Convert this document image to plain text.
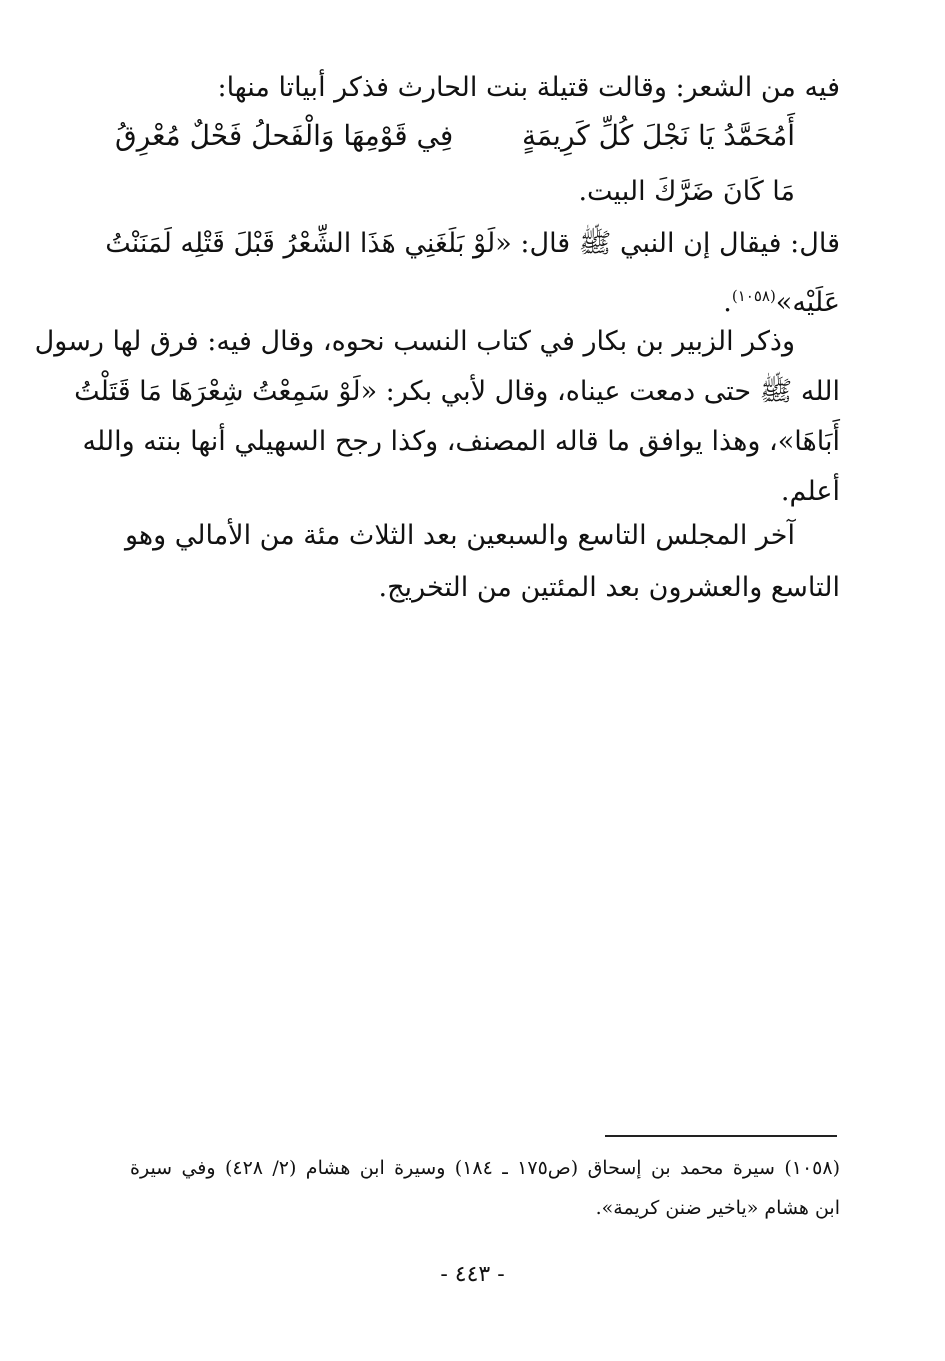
فيه من الشعر: وقالت قتيلة بنت الحارث فذكر أبياتا منها:
أَمُحَمَّدُ يَا نَجْلَ كُلِّ كَرِيمَةٍ
فِي قَوْمِهَا وَالْفَحلُ فَحْلٌ مُعْرِقُ
مَا كَانَ ضَرَّكَ البيت.
قال: فيقال إن النبي ﷺ قال: «لَوْ بَلَغَنِي هَذَا الشِّعْرُ قَبْلَ قَتْلِه لَمَنَنْتُ
عَلَيْه»$^{(١٠٥٨)}$.
وذكر الزبير بن بكار في كتاب النسب نحوه، وقال فيه: فرق لها رسول
الله ﷺ حتى دمعت عيناه، وقال لأبي بكر: «لَوْ سَمِعْتُ شِعْرَهَا مَا قَتَلْتُ
أَبَاهَا»، وهذا يوافق ما قاله المصنف، وكذا رجح السهيلي أنها بنته والله
أعلم.
آخر المجلس التاسع والسبعين بعد الثلاث مئة من الأمالي وهو
التاسع والعشرون بعد المئتين من التخريج.
(١٠٥٨) سيرة محمد بن إسحاق (ص١٧٥ ـ ١٨٤) وسيرة ابن هشام (٢/ ٤٢٨) وفي سيرة
ابن هشام «ياخير ضنن كريمة».
- ٤٤٣ -
